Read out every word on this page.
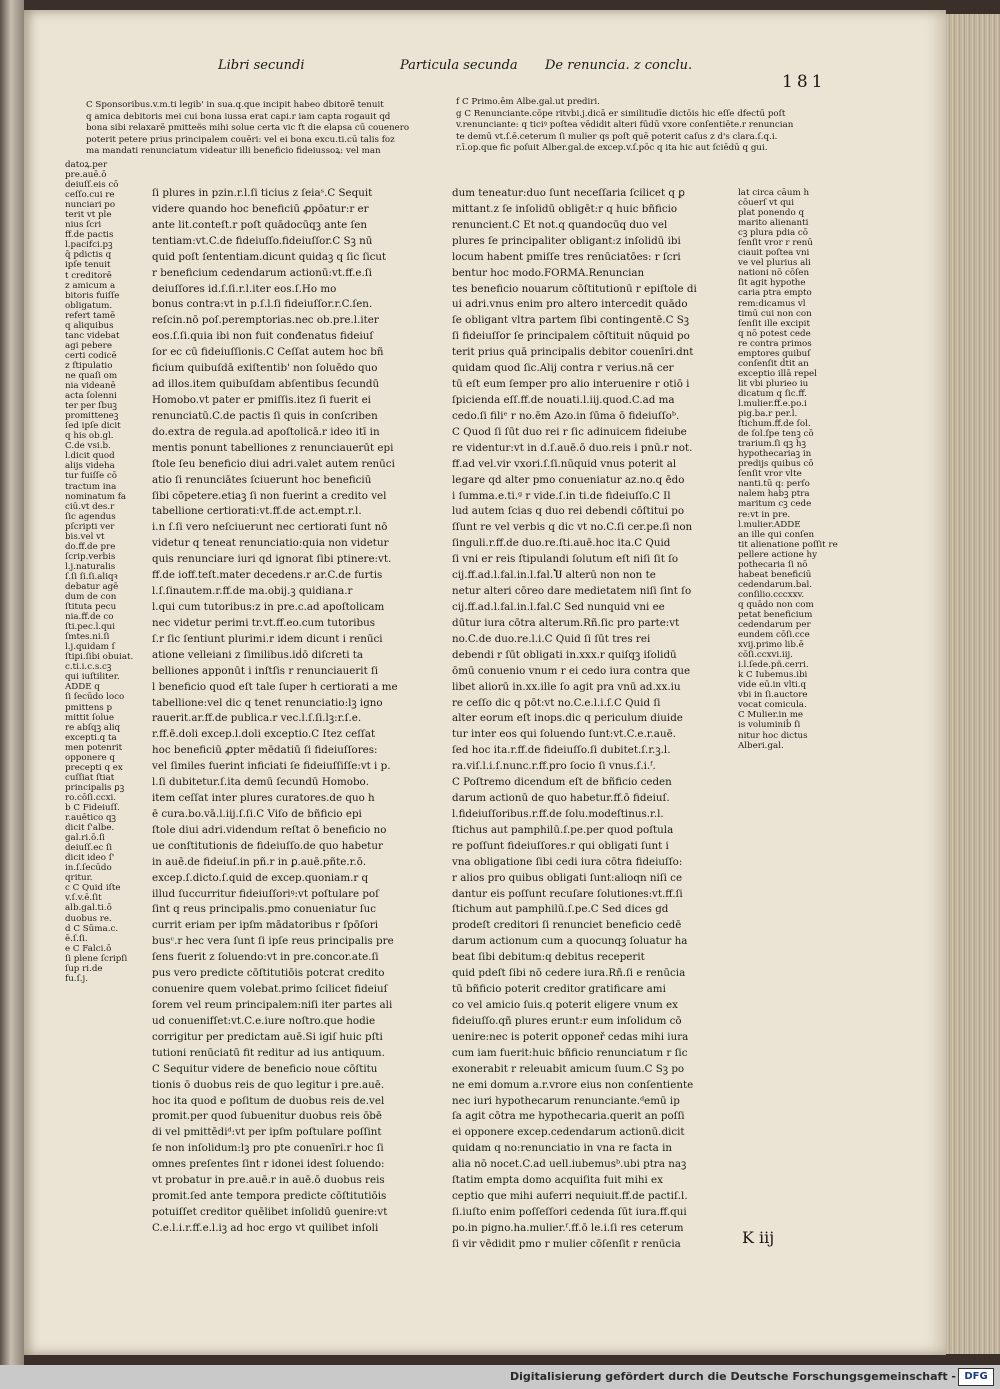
Libri secundi	Particula secunda De renuncia. z conclu.
181

C Sponsoribus.v.m.ti legib' in sua.q.que incipit habeo dbitorē tenuit

q amica debitoris mei cui bona iussa erat capi.r iam capta rogauit qd

bona sibi relaxarē pmitteës mihi solue certa vic ft die elapsa cū couenero

poterit petere prius principalem couēri: vel ei bona excu.ti.cū talis foz

ma mandati renunciatum videatur illi beneficio fideiussoꝝ: vel man

f C Primo.ēm Albe.gal.ut prediri.

g C Renunciante.cōpe ritvbi.j.dicā er similitudīe dictōis hic eſſe dfectū poſt

v.renunciante: q ticiꝰ poſtea vēdidit alteri fūdū vxore conſentiēte.r renuncian

te demū vt.ſ.ē.ceterum ſi mulier qs poſt quē poterit caſus z d's clara.ſ.q.i.

r.ī.op.que fic poſuit Alber.gal.de excep.v.ſ.pōc q ita hic aut ſciēdū q gui.

datoꝝ.per

pre.auē.ō

deiuſſ.eis cō

ceſſo.cui re

nunciari po

terit vt ple

nius ſcri

ff.de pactis

l.pacifci.pꝫ

q̄ pdictis q

ipſe tenuit

t creditorē

z amicum a

bitoris fuiſſe

obligatum.

refert tamē

q aliquibus

tanc videbat

agi pebere

certi codicē

z ſtipulatio

ne quaſi om

nia videanē

acta ſolenni

ter per ſbuꝫ

promitteneꝫ

ſed ipſe dicit

q his ob.gl.

C.de vsi.b.

l.dicit quod

alijs videha

tur fuiſſe cō

tractum ina

nominatum fa

ciū.vt des.r

ſic agendus

pſcripti ver

bis.vel vt

do.ff.de pre

ſcrip.verbis

l.j.naturalis

ſ.ſi ſi.ſi.aliqꝛ

debatur agē

dum de con

ſtituta pecu

nia.ff.de co

ſti.pec.l.qui

ſmtes.ni.ſi

l.j.quidam ſ

ſtipi.ſibi obuiat.

c.ti.i.c.s.cꝫ

qui iuſtiliter.

ADDE q

ſi ſecūdo loco

pmittens p

mittit ſolue

re abſqꝫ aliq

excepti.q ta

men potenrit

opponere q

precepti q ex

cuſſiat ſtiat

principalis ꝑꝫ

ro.cōſi.ccxi.

b C Fideiuſſ.

r.auētico qꝫ

dicit ſ'albe.

gal.ri.ō.ſi

deiuſſ.ec ſi

dicit ideo ſ'

in.ſ.ſecūdo

qritur.

c C Quid iſte

v.ſ.v.ē.ſit

alb.gal.ti.ō

duobus re.

d C Sūma.c.

ē.ſ.ſi.

e C Falci.ō

ſi plene ſcripſi

ſup ri.de

fu.ſ.j.

ſi plures in pzin.r.l.ſi ticius z ſeiaˢ.C Sequit

videre quando hoc beneficiū ꝓpōatur:r er

ante lit.conteſt.r poſt quādocūqꝫ ante ſen

tentiam:vt.C.de fideiuſſo.fideiuſſor.C Sꝫ nū

quid poſt ſententiam.dicunt quidaꝫ q ſic ſicut

r beneficium cedendarum actionū:vt.ff.e.ſi

deiuſſores id.ſ.ſi.r.l.iter eos.ſ.Ho mo

bonus contra:vt in p.ſ.l.ſi fideiuſſor.r.C.ſen.

reſcin.nō poſ.peremptorias.nec ob.pre.l.iter

eos.ſ.ſi.quia ibi non fuit conđenatus fideiuſ

ſor ec cū fideiuſſionis.C Ceſſat autem hoc bñ

ficium quibuſdā exiſtentib' non ſoluēdo quo

ad illos.item quibuſdam abſentibus ſecundū

Homobo.vt pater er pmiſſis.itez ſi fuerit ei

renunciatū.C.de pactis ſi quis in conſcriben

do.extra de regula.ad apoſtolicā.r ideo itī in

mentis ponunt tabelliones z renunciauerūt epi

ſtole ſeu beneficio diui adri.valet autem renūci

atio ſi renunciātes ſciuerunt hoc beneficiū

ſibi cōpetere.etiaꝫ ſi non fuerint a credito vel

tabellione certiorati:vt.ff.de act.empt.r.l.

i.n ſ.ſi vero neſciuerunt nec certiorati ſunt nō

videtur q teneat renunciatio:quia non videtur

quis renunciare iuri qd ignorat ſibi ptinere:vt.

ff.de ioff.teſt.mater decedens.r ar.C.de furtis

l.ſ.ſinautem.r.ff.de ma.obij.ꝫ quidiana.r

l.qui cum tutoribus:z in pre.c.ad apoſtolicam

nec videtur perimi tr.vt.ff.eo.cum tutoribus

ſ.r ſic ſentiunt plurimi.r idem dicunt i renūci

atione velleiani z ſimilibus.iḋō diſcreti ta

belliones apponūt i inſtſis r renunciauerit ſi

l beneficio quod eſt tale ſuper h certiorati a me

tabellione:vel dic q tenet renunciatio:lꝫ igno

rauerit.ar.ff.de publica.r vec.l.ſ.ſi.lꝫ:r.ſ.e.

r.ff.ē.doli excep.l.doli exceptio.C Itez ceſſat

hoc beneficiū ꝓpter mēdatiū ſi fideiuſſores:

vel ſimiles fuerint inficiati ſe fideiuſſiſſe:vt i p.

l.ſi dubitetur.ſ.ita demū ſecundū Homobo.

item ceſſat inter plures curatores.de quo h

ē cura.bo.vā.l.iij.ſ.ſi.C Viſo de bñficio epi

ſtole diui adri.videndum reſtat ō beneficio no

ue conſtitutionis de fideiuſſo.de quo habetur

in auē.de fideiuſ.in pñ.r in ꝑ.auē.pñte.r.ō.

excep.ſ.dicto.ſ.quid de excep.quoniam.r q

illud ſuccurritur fideiuſſoriꝰ:vt poſtulare poſ

ſint q reus principalis.pmo conueniatur ſuc

currit eriam per ipſm mādatoribus r ſpōſori

busᶜ.r hec vera ſunt ſi ipſe reus principalis pre

ſens fuerit z ſoluendo:vt in pre.concor.ate.ſi

pus vero predicte cōſtitutiōis potcrat credito

conuenire quem volebat.primo ſcilicet fideiuſ

ſorem vel reum principalem:niſi iter partes ali

ud conuenifſet:vt.C.e.iure noſtro.que hodie

corrigitur per predictam auē.Si igiſ huic pſti

tutioni renūciatū fit reditur ad ius antiquum.

C Sequitur videre de beneficio noue cōſtitu

tionis ō duobus reis de quo legitur i pre.auē.

hoc ita quod e poſitum de duobus reis de.vel

promit.per quod ſubuenitur duobus reis ōbē

di vel pmittēdiᵈ:vt per ipſm poſtulare poſſint

ſe non inſolidum:lꝫ pro pte conuenīri.r hoc ſi

omnes preſentes ſint r idonei idest ſoluendo:

vt probatur in pre.auē.r in auē.ō duobus reis

promit.ſed ante tempora predicte cōſtitutiōis

potuiſſet creditor quēlibet inſolidū ꝯuenire:vt

C.e.l.i.r.ff.e.l.iꝫ ad hoc ergo vt quilibet inſoli

dum teneatur:duo ſunt neceſſaria ſcilicet q ꝑ

mittant.z ſe inſolidū obligēt:r q huic bñficio

renuncient.C Et not.q quandocūq duo vel

plures ſe principaliter obligant:z inſolidū ibi

locum habent pmiſſe tres renūciatōes: r ſcri

bentur hoc modo.FORMA.Renuncian

tes beneficio nouarum cōſtitutionū r epiſtole di

ui adri.vnus enim pro altero intercedit quādo

ſe obligant vltra partem ſibi contingentē.C Sꝫ

ſi fideiuſſor ſe principalem cōſtituit nūquid po

terit prius quā principalis debitor couenīri.dnt

quidam quod ſic.Alij contra r verius.nā cer

tū eſt eum ſemper pro alio interuenire r otiō i

ſpicienda eſſ.ff.de nouati.l.iij.quod.C.ad ma

cedo.ſi filiᵉ r no.ēm Azo.in ſūma ō fideiuſſoᵇ.

C Quod ſi ſūt duo rei r ſic adinuicem fideiube

re videntur:vt in d.ſ.auē.ō duo.reis i pnū.r not.

ff.ad vel.vir vxori.ſ.ſi.nūquid vnus poterit al

legare qd alter pmo conueniatur az.no.q ēdo

i ſumma.e.ti.ᵍ r vide.ſ.in ti.de fideiuſſo.C Il

lud autem ſcias q duo rei debendi cōſtitui po

ſſunt re vel verbis q dic vt no.C.ſi cer.pe.ſi non

ſinguli.r.ff.de duo.re.ſti.auē.hoc ita.C Quid

ſi vni er reis ſtipulandi ſolutum eſt niſi ſit ſo

cij.ff.ad.l.fal.in.l.fal.Ⴎ alterū non non te

netur alteri cōreo dare medietatem niſi ſint ſo

cij.ff.ad.l.fal.in.l.fal.C Sed nunquid vni ee

dūtur iura cōtra alterum.Rñ.ſic pro parte:vt

no.C.de duo.re.l.i.C Quid ſi ſūt tres rei

debendi r ſūt obligati in.xxx.r quiſqꝫ iſolidū

ōmū conuenio vnum r ei cedo iura contra que

libet aliorū in.xx.ille ſo agit pra vnū ad.xx.iu

re ceſſo dic q pōt:vt no.C.e.l.i.ſ.C Quid ſi

alter eorum eſt inops.dic q periculum diuide

tur inter eos qui ſoluendo ſunt:vt.C.e.r.auē.

ſed hoc ita.r.ff.de fideiuſſo.ſi dubitet.ſ.r.ꝫ.l.

ra.viſ.l.i.ſ.nunc.r.ff.pro ſocio ſi vnus.ſ.i.ᶠ.

C Poſtremo dicendum eſt de bñficio ceden

darum actionū de quo habetur.ff.ō fideiuſ.

l.fideiuſſoribus.r.ff.de ſolu.modeſtinus.r.l.

ſtichus aut pamphilū.ſ.pe.per quod poſtula

re poſſunt fideiuſſores.r qui obligati ſunt i

vna obligatione ſibi cedi iura cōtra fideiuſſo:

r alios pro quibus obligati ſunt:alioqn niſi ce

dantur eis poſſunt recuſare ſolutiones:vt.ff.ſi

ſtichum aut pamphilū.ſ.pe.C Sed dices gd

prodeſt creditori ſi renunciet beneficio cedē

darum actionum cum a quocunqꝫ ſoluatur ha

beat ſibi debitum:q debitus receperit

quid pdeſt ſibi nō cedere iura.Rñ.ſi e renūcia

tū bñficio poterit creditor gratificare ami

co vel amicio ſuis.q poterit eligere vnum ex

fideiuſſo.qñ plures erunt:r eum inſolidum cō

uenire:nec is poterit opponeř cedas mihi iura

cum iam fuerit:huic bñficio renunciatum r ſic

exonerabit r releuabit amicum ſuum.C Sꝫ po

ne emi domum a.r.vrore eius non conſentiente

nec iuri hypothecarum renunciante.ᵈemū ip

ſa agit cōtra me hypothecaria.querit an poſſi

ei opponere excep.cedendarum actionū.dicit

quidam q no:renunciatio in vna re facta in

alia nō nocet.C.ad uell.iubemusᵇ.ubi ptra naꝫ

ſtatim empta domo acquiſita fuit mihi ex

ceptio que mihi auferri nequiuit.ff.de pactiſ.l.

ſi.iuſto enim poſſeſſori cedenda ſūt iura.ff.qui

po.in pigno.ha.mulier.ᶠ.ff.ō le.i.ſi res ceterum

ſi vir vēdidit pmo r mulier cōſenſit r renūcia

lat circa cāum h

cōuerſ vt qui

plat ponendo q

marito alienanti

cꝫ plura pdia cō

ſenſit vror r renū

ciauit poſtea vni

ve vel plurius ali

nationi nō cōſen

ſit agit hypothe

caria ptra empto

rem:dicamus vl

timū cui non con

ſenſit ille excipit

q nō potest cede

re contra primos

emptores quibuſ

conſenſit ḋtit an

exceptio illā repel

lit vbi plurieo iu

dicatum q ſic.ff.

l.mulier.ff.e.po.i

pig.ba.r per.l.

ſtichum.ff.de ſol.

de ſol.ſpe tenꝫ cō

trarium.ſi qꝫ hꝫ

hypothecariaꝫ in

predijs quibus cō

ſenſit vror vlte

nanti.tū q: perſo

nalem habꝫ ptra

maritum cꝫ cede

re:vt in pre.

l.mulier.ADDE

an ille qui conſen

tit alienatione poſſit re

pellere actione hy

pothecaria ſi nō

habeat beneficiū

cedendarum.bal.

conſilio.cccxxv.

q quādo non com

petat beneficium

cedendarum per

eundem cōſi.cce

xvij.primo lib.ē

cōſi.ccxvi.iij.

i.l.ſede.pñ.cerri.

k C Iubemus.ibi

vide eū.in vlti.q

vbi in ſi.auctore

vocat comicula.

C Mulier.in me

is voluminiḃ ſi

nitur hoc dictus

Alberi.gal.

K iij
Digitalisierung gefördert durch die Deutsche Forschungsgemeinschaft - DFG
